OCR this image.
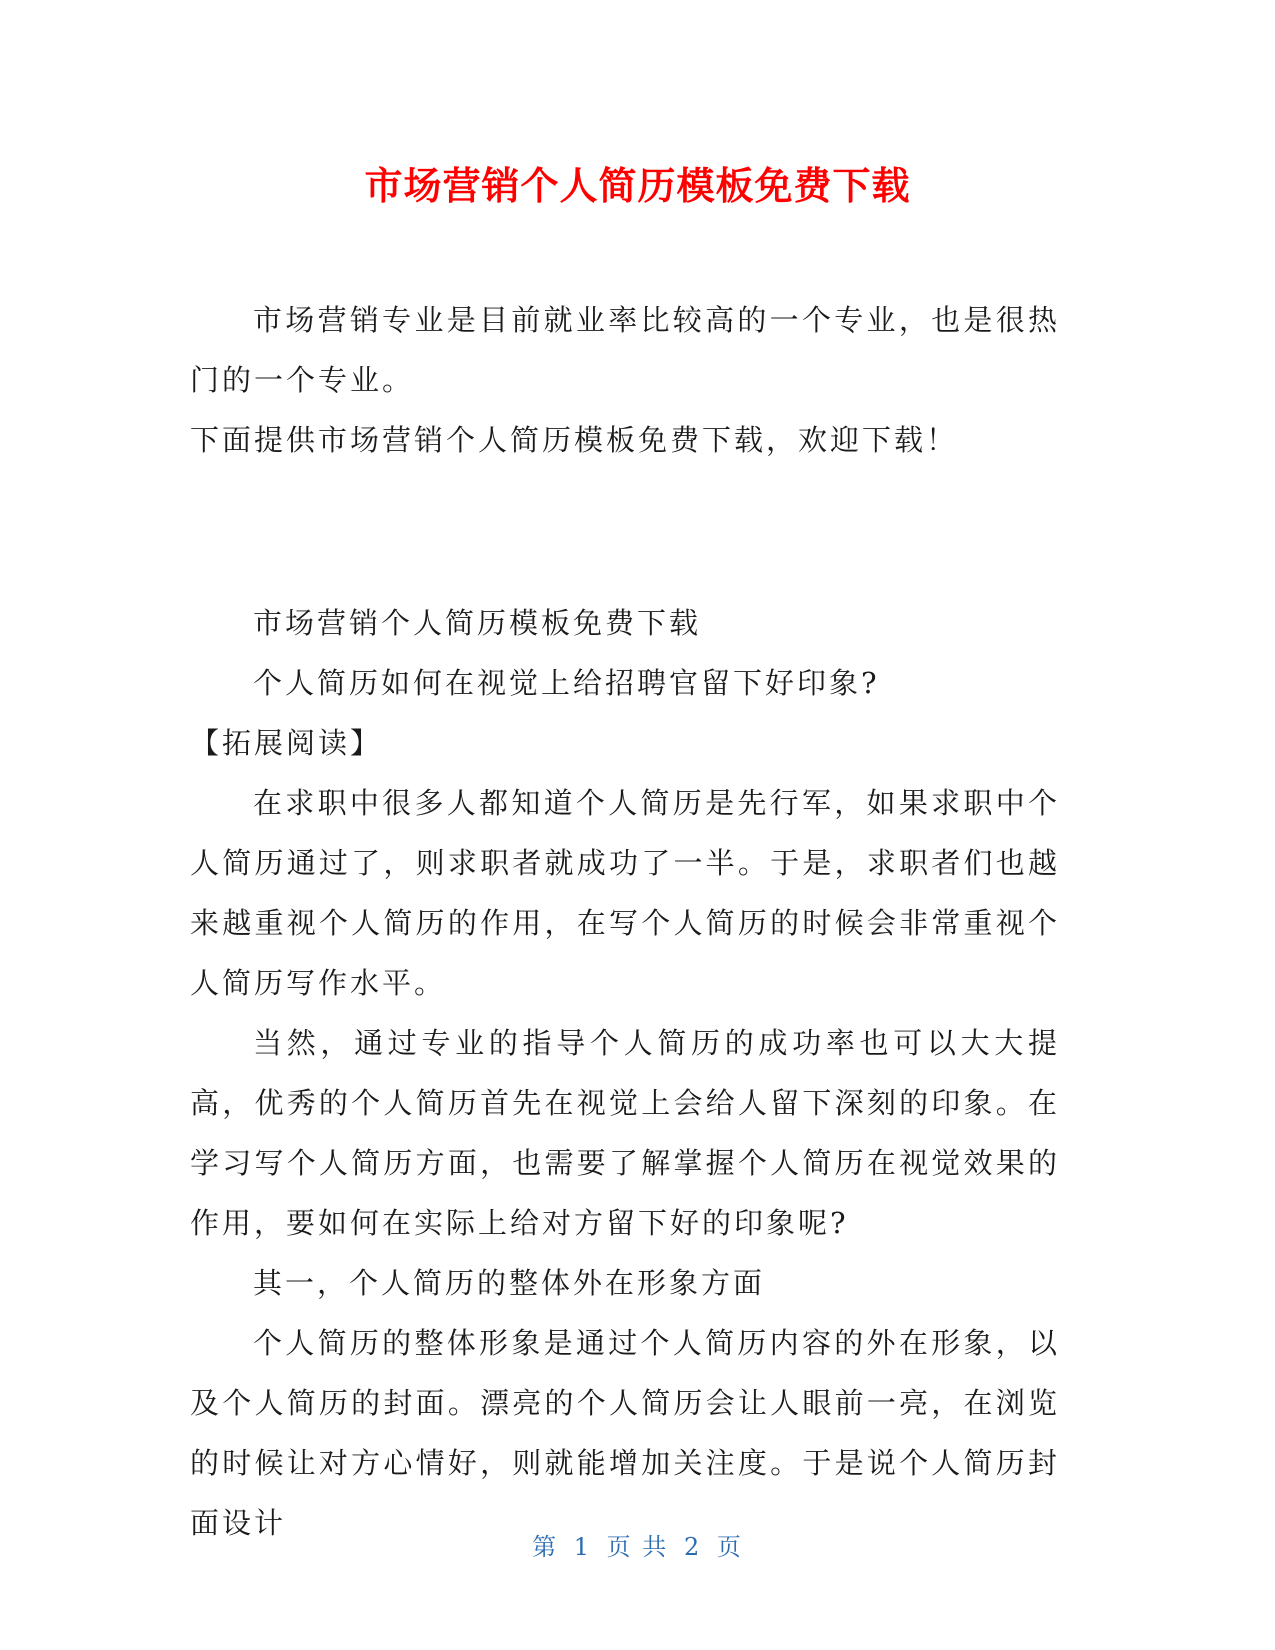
市场营销个人简历模板免费下载

市场营销专业是目前就业率比较高的一个专业，也是很热门的一个专业。

下面提供市场营销个人简历模板免费下载，欢迎下载！

市场营销个人简历模板免费下载

个人简历如何在视觉上给招聘官留下好印象?

【拓展阅读】

在求职中很多人都知道个人简历是先行军，如果求职中个人简历通过了，则求职者就成功了一半。于是，求职者们也越来越重视个人简历的作用，在写个人简历的时候会非常重视个人简历写作水平。

当然，通过专业的指导个人简历的成功率也可以大大提高，优秀的个人简历首先在视觉上会给人留下深刻的印象。在学习写个人简历方面，也需要了解掌握个人简历在视觉效果的作用，要如何在实际上给对方留下好的印象呢?

其一，个人简历的整体外在形象方面

个人简历的整体形象是通过个人简历内容的外在形象，以及个人简历的封面。漂亮的个人简历会让人眼前一亮，在浏览的时候让对方心情好，则就能增加关注度。于是说个人简历封面设计

第 1 页 共 2 页
